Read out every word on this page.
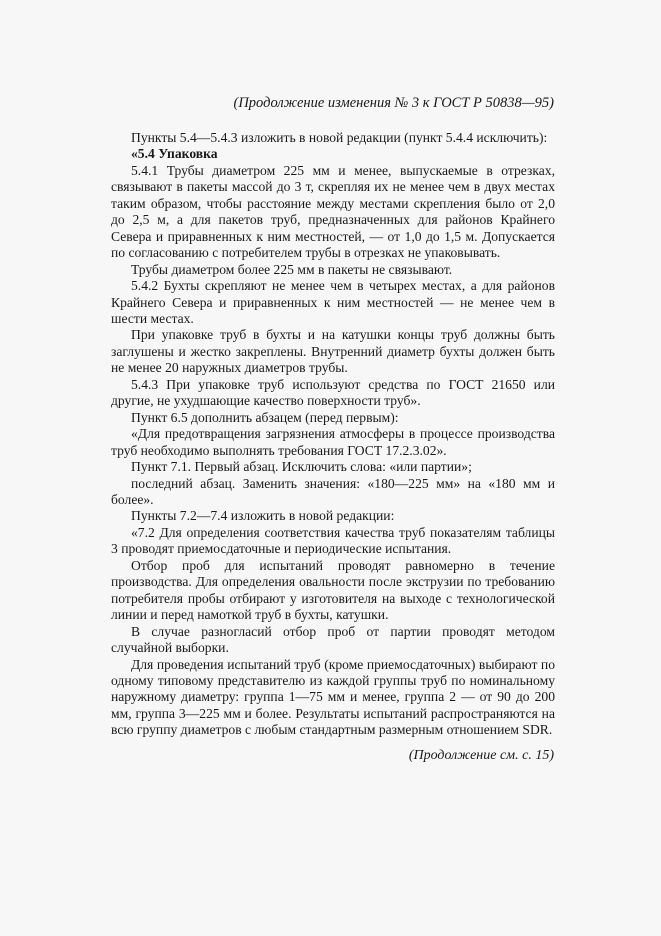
(Продолжение изменения № 3 к ГОСТ Р 50838—95)

Пункты 5.4—5.4.3 изложить в новой редакции (пункт 5.4.4 исключить):

«5.4 Упаковка

5.4.1 Трубы диаметром 225 мм и менее, выпускаемые в отрезках, связывают в пакеты массой до 3 т, скрепляя их не менее чем в двух местах таким образом, чтобы расстояние между местами скрепления было от 2,0 до 2,5 м, а для пакетов труб, предназначенных для районов Крайнего Севера и приравненных к ним местностей, — от 1,0 до 1,5 м. Допускается по согласованию с потребителем трубы в отрезках не упаковывать.

Трубы диаметром более 225 мм в пакеты не связывают.

5.4.2 Бухты скрепляют не менее чем в четырех местах, а для районов Крайнего Севера и приравненных к ним местностей — не менее чем в шести местах.

При упаковке труб в бухты и на катушки концы труб должны быть заглушены и жестко закреплены. Внутренний диаметр бухты должен быть не менее 20 наружных диаметров трубы.

5.4.3 При упаковке труб используют средства по ГОСТ 21650 или другие, не ухудшающие качество поверхности труб».

Пункт 6.5 дополнить абзацем (перед первым):

«Для предотвращения загрязнения атмосферы в процессе производства труб необходимо выполнять требования ГОСТ 17.2.3.02».

Пункт 7.1. Первый абзац. Исключить слова: «или партии»;

последний абзац. Заменить значения: «180—225 мм» на «180 мм и более».

Пункты 7.2—7.4 изложить в новой редакции:

«7.2 Для определения соответствия качества труб показателям таблицы 3 проводят приемосдаточные и периодические испытания.

Отбор проб для испытаний проводят равномерно в течение производства. Для определения овальности после экструзии по требованию потребителя пробы отбирают у изготовителя на выходе с технологической линии и перед намоткой труб в бухты, катушки.

В случае разногласий отбор проб от партии проводят методом случайной выборки.

Для проведения испытаний труб (кроме приемосдаточных) выбирают по одному типовому представителю из каждой группы труб по номинальному наружному диаметру: группа 1—75 мм и менее, группа 2 — от 90 до 200 мм, группа 3—225 мм и более. Результаты испытаний распространяются на всю группу диаметров с любым стандартным размерным отношением SDR.

(Продолжение см. с. 15)
